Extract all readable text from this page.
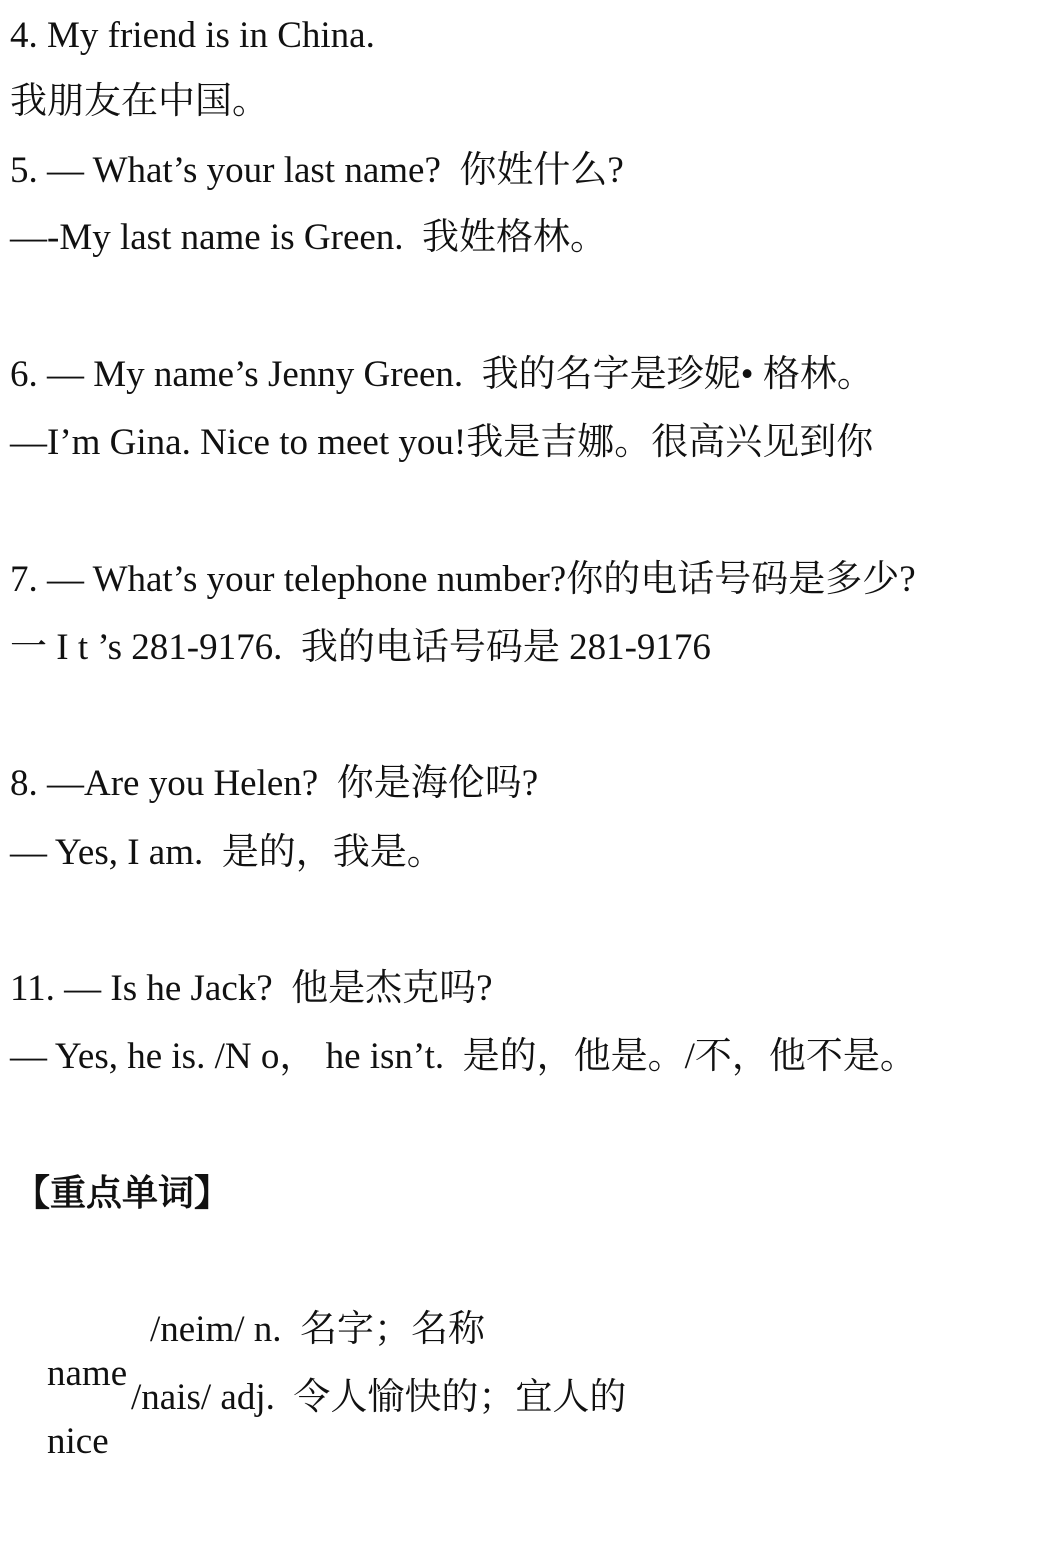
4. My friend is in China.
我朋友在中国。
5. — What’s your last name?  你姓什么?
—-My last name is Green.  我姓格林。
6. — My name’s Jenny Green.  我的名字是珍妮• 格林。
—I’m Gina. Nice to meet you!我是吉娜。很高兴见到你
7. — What’s your telephone number?你的电话号码是多少?
一 I t ’s 281-9176.  我的电话号码是 281-9176
8. —Are you Helen?  你是海伦吗?
— Yes, I am.  是的，我是。
11. — Is he Jack?  他是杰克吗?
— Yes, he is. /N o， he isn’t.  是的，他是。/不，他不是。
【重点单词】

name

/neim/ n.  名字；名称

nice

/nais/ adj.  令人愉快的；宜人的
